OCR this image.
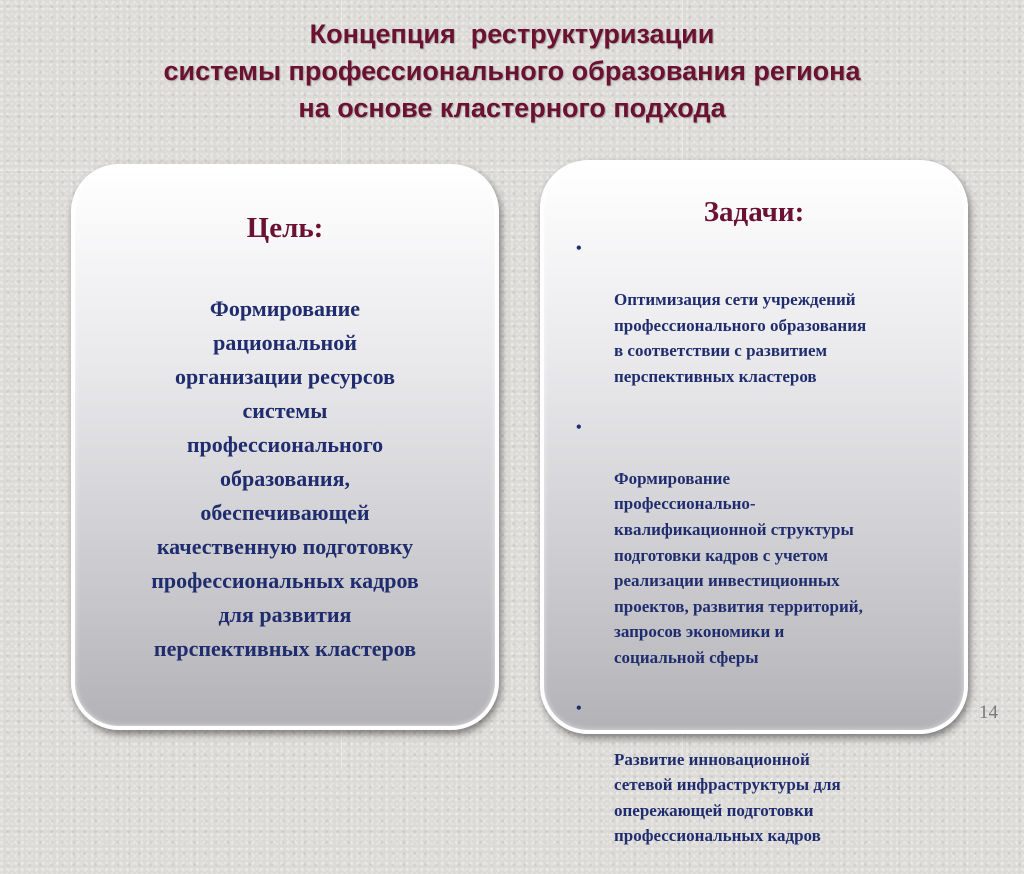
Концепция  реструктуризации
системы профессионального образования региона
на основе кластерного подхода
Цель:

Формирование
рациональной
организации ресурсов
системы
профессионального
образования,
обеспечивающей
качественную подготовку
профессиональных кадров
для развития
перспективных кластеров

Задачи:

•

Оптимизация сети учреждений
профессионального образования
в соответствии с развитием
перспективных кластеров

•

Формирование
профессионально-
квалификационной структуры
подготовки кадров с учетом
реализации инвестиционных
проектов, развития территорий,
запросов экономики и
социальной сферы

•

Развитие инновационной
сетевой инфраструктуры для
опережающей подготовки
профессиональных кадров

14
